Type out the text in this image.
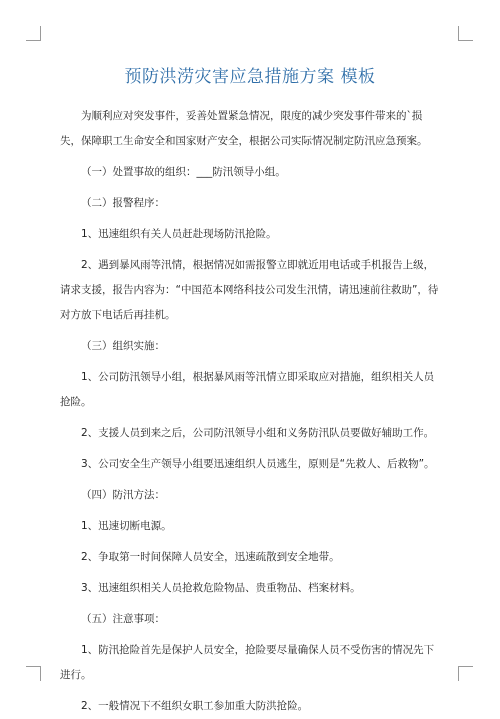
预防洪涝灾害应急措施方案 模板

为顺利应对突发事件，妥善处置紧急情况，限度的减少突发事件带来的`损失，保障职工生命安全和国家财产安全，根据公司实际情况制定防汛应急预案。

（一）处置事故的组织：___防汛领导小组。

（二）报警程序：

1、迅速组织有关人员赶赴现场防汛抢险。

2、遇到暴风雨等汛情，根据情况如需报警立即就近用电话或手机报告上级，请求支援，报告内容为：“中国范本网络科技公司发生汛情，请迅速前往救助”，待对方放下电话后再挂机。

（三）组织实施：

1、公司防汛领导小组，根据暴风雨等汛情立即采取应对措施，组织相关人员抢险。

2、支援人员到来之后，公司防汛领导小组和义务防汛队员要做好辅助工作。

3、公司安全生产领导小组要迅速组织人员逃生，原则是“先救人、后救物”。

（四）防汛方法：

1、迅速切断电源。

2、争取第一时间保障人员安全，迅速疏散到安全地带。

3、迅速组织相关人员抢救危险物品、贵重物品、档案材料。

（五）注意事项：

1、防汛抢险首先是保护人员安全，抢险要尽量确保人员不受伤害的情况先下进行。

2、一般情况下不组织女职工参加重大防洪抢险。
